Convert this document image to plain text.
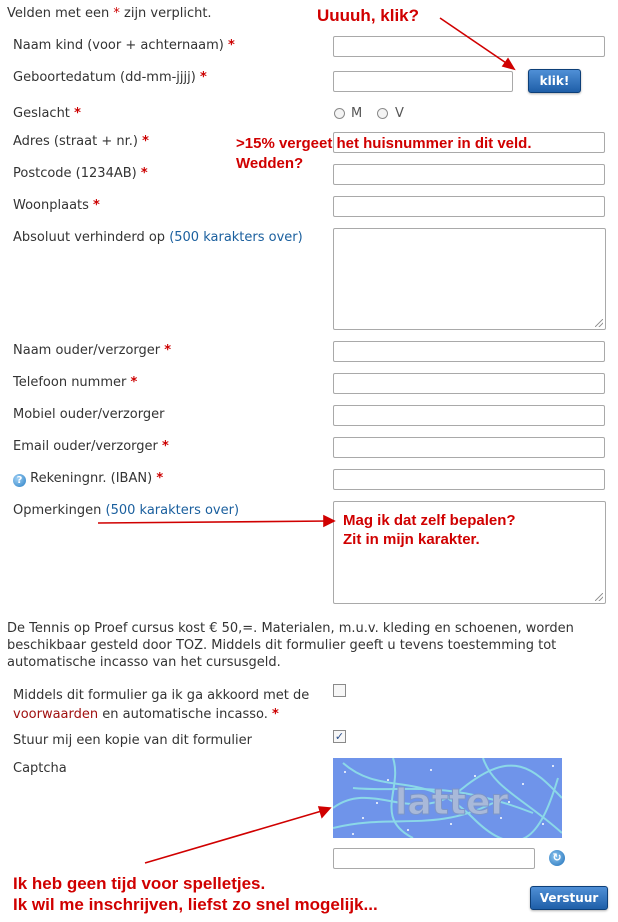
Velden met een * zijn verplicht.
Naam kind (voor + achternaam) *
Geboortedatum (dd-mm-jjjj) *	klik!
Geslacht *	M	V
Adres (straat + nr.) *
Postcode (1234AB) *
Woonplaats *
Absoluut verhinderd op (500 karakters over)
Naam ouder/verzorger *
Telefoon nummer *
Mobiel ouder/verzorger
Email ouder/verzorger *
? Rekeningnr. (IBAN) *
Opmerkingen (500 karakters over)
De Tennis op Proef cursus kost € 50,=. Materialen, m.u.v. kleding en schoenen, worden beschikbaar gesteld door TOZ. Middels dit formulier geeft u tevens toestemming tot automatische incasso van het cursusgeld.
Middels dit formulier ga ik ga akkoord met de
voorwaarden en automatische incasso. *
Stuur mij een kopie van dit formulier	✓
Captcha
latter
↻
Verstuur
Uuuuh, klik?
>15% vergeet het huisnummer in dit veld.
Wedden?
Mag ik dat zelf bepalen?
Zit in mijn karakter.
Ik heb geen tijd voor spelletjes.
Ik wil me inschrijven, liefst zo snel mogelijk...
